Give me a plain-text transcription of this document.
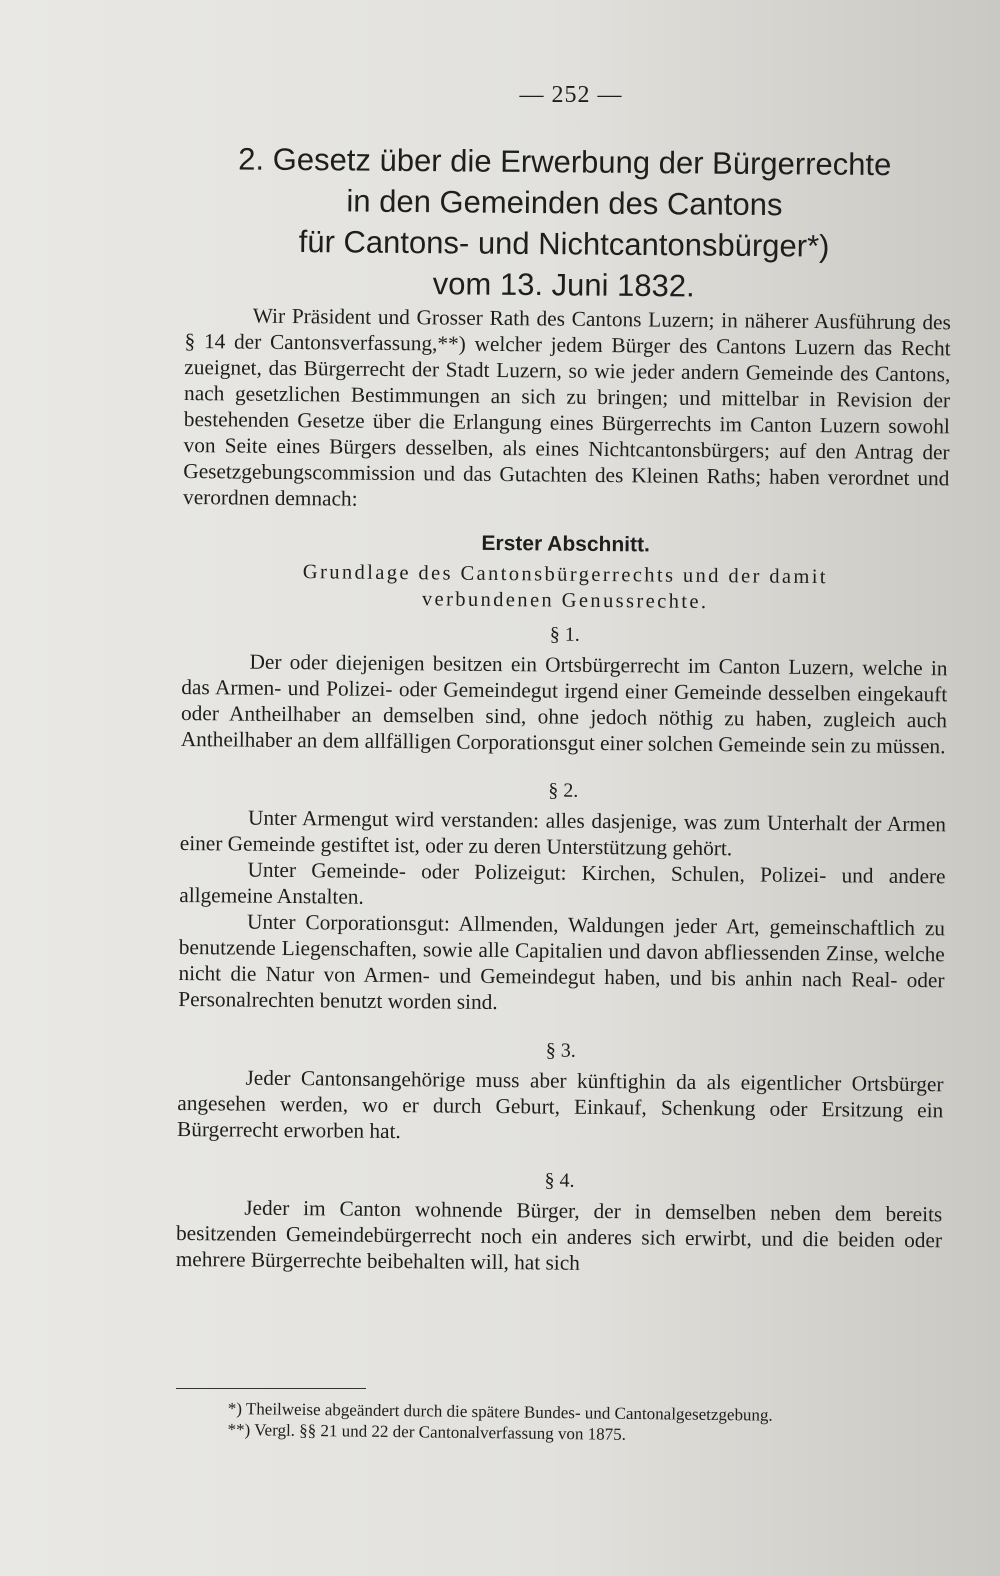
— 252 —
2. Gesetz über die Erwerbung der Bürgerrechte
in den Gemeinden des Cantons
für Cantons- und Nichtcantonsbürger*)
vom 13. Juni 1832.

Wir Präsident und Grosser Rath des Cantons Luzern; in näherer Ausführung des § 14 der Cantonsverfassung,**) welcher jedem Bürger des Cantons Luzern das Recht zueignet, das Bürgerrecht der Stadt Luzern, so wie jeder andern Gemeinde des Cantons, nach gesetzlichen Bestimmungen an sich zu bringen; und mittelbar in Revision der bestehenden Gesetze über die Erlangung eines Bürgerrechts im Canton Luzern sowohl von Seite eines Bürgers desselben, als eines Nichtcantonsbürgers; auf den Antrag der Gesetzgebungscommission und das Gutachten des Kleinen Raths; haben verordnet und verordnen demnach:

Erster Abschnitt.
Grundlage des Cantonsbürgerrechts und der damit
verbundenen Genussrechte.
§ 1.

Der oder diejenigen besitzen ein Ortsbürgerrecht im Canton Luzern, welche in das Armen- und Polizei- oder Gemeindegut irgend einer Gemeinde desselben eingekauft oder Antheilhaber an demselben sind, ohne jedoch nöthig zu haben, zugleich auch Antheilhaber an dem allfälligen Corporationsgut einer solchen Gemeinde sein zu müssen.

§ 2.

Unter Armengut wird verstanden: alles dasjenige, was zum Unterhalt der Armen einer Gemeinde gestiftet ist, oder zu deren Unterstützung gehört.

Unter Gemeinde- oder Polizeigut: Kirchen, Schulen, Polizei- und andere allgemeine Anstalten.

Unter Corporationsgut: Allmenden, Waldungen jeder Art, gemeinschaftlich zu benutzende Liegenschaften, sowie alle Capitalien und davon abfliessenden Zinse, welche nicht die Natur von Armen- und Gemeindegut haben, und bis anhin nach Real- oder Personalrechten benutzt worden sind.

§ 3.

Jeder Cantonsangehörige muss aber künftighin da als eigentlicher Ortsbürger angesehen werden, wo er durch Geburt, Einkauf, Schenkung oder Ersitzung ein Bürgerrecht erworben hat.

§ 4.

Jeder im Canton wohnende Bürger, der in demselben neben dem bereits besitzenden Gemeindebürgerrecht noch ein anderes sich erwirbt, und die beiden oder mehrere Bürgerrechte beibehalten will, hat sich

*) Theilweise abgeändert durch die spätere Bundes- und Cantonalgesetzgebung.
**) Vergl. §§ 21 und 22 der Cantonalverfassung von 1875.
